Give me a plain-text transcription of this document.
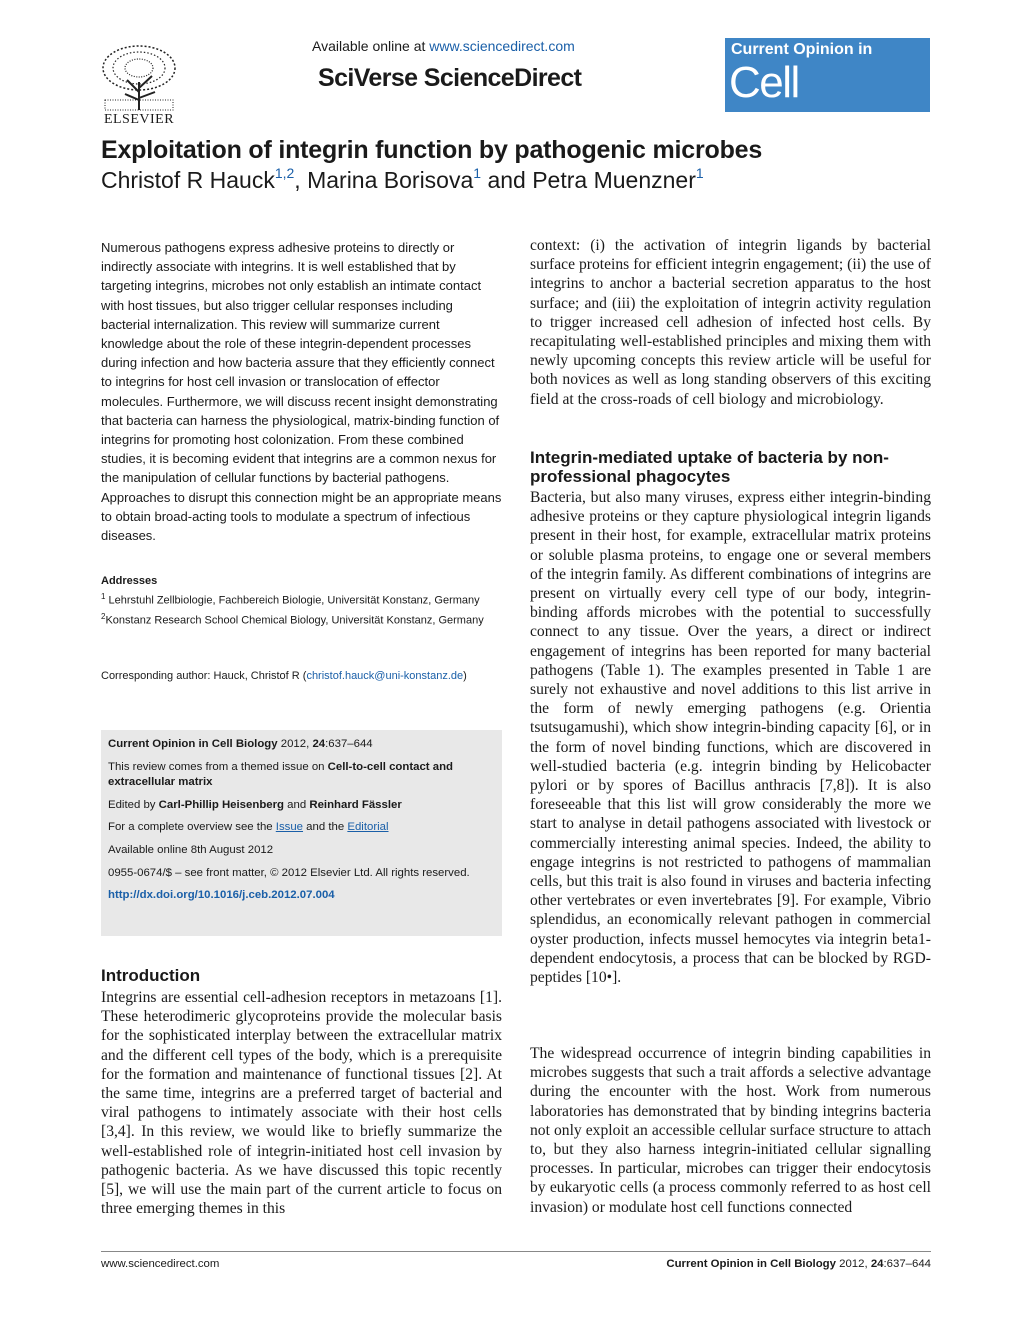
ELSEVIER
Available online at www.sciencedirect.com
SciVerse ScienceDirect
Current Opinion in
Cell Biology
Exploitation of integrin function by pathogenic microbes
Christof R Hauck$^{1,2}$, Marina Borisova$^1$ and Petra Muenzner$^1$
Numerous pathogens express adhesive proteins to directly or indirectly associate with integrins. It is well established that by targeting integrins, microbes not only establish an intimate contact with host tissues, but also trigger cellular responses including bacterial internalization. This review will summarize current knowledge about the role of these integrin-dependent processes during infection and how bacteria assure that they efficiently connect to integrins for host cell invasion or translocation of effector molecules. Furthermore, we will discuss recent insight demonstrating that bacteria can harness the physiological, matrix-binding function of integrins for promoting host colonization. From these combined studies, it is becoming evident that integrins are a common nexus for the manipulation of cellular functions by bacterial pathogens. Approaches to disrupt this connection might be an appropriate means to obtain broad-acting tools to modulate a spectrum of infectious diseases.
Addresses
$^1$ Lehrstuhl Zellbiologie, Fachbereich Biologie, Universität Konstanz, Germany
$^2$Konstanz Research School Chemical Biology, Universität Konstanz, Germany
Corresponding author: Hauck, Christof R (christof.hauck@uni-konstanz.de)

Current Opinion in Cell Biology 2012, 24:637–644

This review comes from a themed issue on Cell-to-cell contact and extracellular matrix

Edited by Carl-Phillip Heisenberg and Reinhard Fässler

For a complete overview see the Issue and the Editorial

Available online 8th August 2012

0955-0674/$ – see front matter, © 2012 Elsevier Ltd. All rights reserved.

http://dx.doi.org/10.1016/j.ceb.2012.07.004

Introduction

Integrins are essential cell-adhesion receptors in metazoans [1]. These heterodimeric glycoproteins provide the molecular basis for the sophisticated interplay between the extracellular matrix and the different cell types of the body, which is a prerequisite for the formation and maintenance of functional tissues [2]. At the same time, integrins are a preferred target of bacterial and viral pathogens to intimately associate with their host cells [3,4]. In this review, we would like to briefly summarize the well-established role of integrin-initiated host cell invasion by pathogenic bacteria. As we have discussed this topic recently [5], we will use the main part of the current article to focus on three emerging themes in this

context: (i) the activation of integrin ligands by bacterial surface proteins for efficient integrin engagement; (ii) the use of integrins to anchor a bacterial secretion apparatus to the host surface; and (iii) the exploitation of integrin activity regulation to trigger increased cell adhesion of infected host cells. By recapitulating well-established principles and mixing them with newly upcoming concepts this review article will be useful for both novices as well as long standing observers of this exciting field at the cross-roads of cell biology and microbiology.

Integrin-mediated uptake of bacteria by non-professional phagocytes

Bacteria, but also many viruses, express either integrin-binding adhesive proteins or they capture physiological integrin ligands present in their host, for example, extracellular matrix proteins or soluble plasma proteins, to engage one or several members of the integrin family. As different combinations of integrins are present on virtually every cell type of our body, integrin-binding affords microbes with the potential to successfully connect to any tissue. Over the years, a direct or indirect engagement of integrins has been reported for many bacterial pathogens (Table 1). The examples presented in Table 1 are surely not exhaustive and novel additions to this list arrive in the form of newly emerging pathogens (e.g. Orientia tsutsugamushi), which show integrin-binding capacity [6], or in the form of novel binding functions, which are discovered in well-studied bacteria (e.g. integrin binding by Helicobacter pylori or by spores of Bacillus anthracis [7,8]). It is also foreseeable that this list will grow considerably the more we start to analyse in detail pathogens associated with livestock or commercially interesting animal species. Indeed, the ability to engage integrins is not restricted to pathogens of mammalian cells, but this trait is also found in viruses and bacteria infecting other vertebrates or even invertebrates [9]. For example, Vibrio splendidus, an economically relevant pathogen in commercial oyster production, infects mussel hemocytes via integrin beta1-dependent endocytosis, a process that can be blocked by RGD-peptides [10•].

The widespread occurrence of integrin binding capabilities in microbes suggests that such a trait affords a selective advantage during the encounter with the host. Work from numerous laboratories has demonstrated that by binding integrins bacteria not only exploit an accessible cellular surface structure to attach to, but they also harness integrin-initiated cellular signalling processes. In particular, microbes can trigger their endocytosis by eukaryotic cells (a process commonly referred to as host cell invasion) or modulate host cell functions connected

www.sciencedirect.com	Current Opinion in Cell Biology 2012, 24:637–644
